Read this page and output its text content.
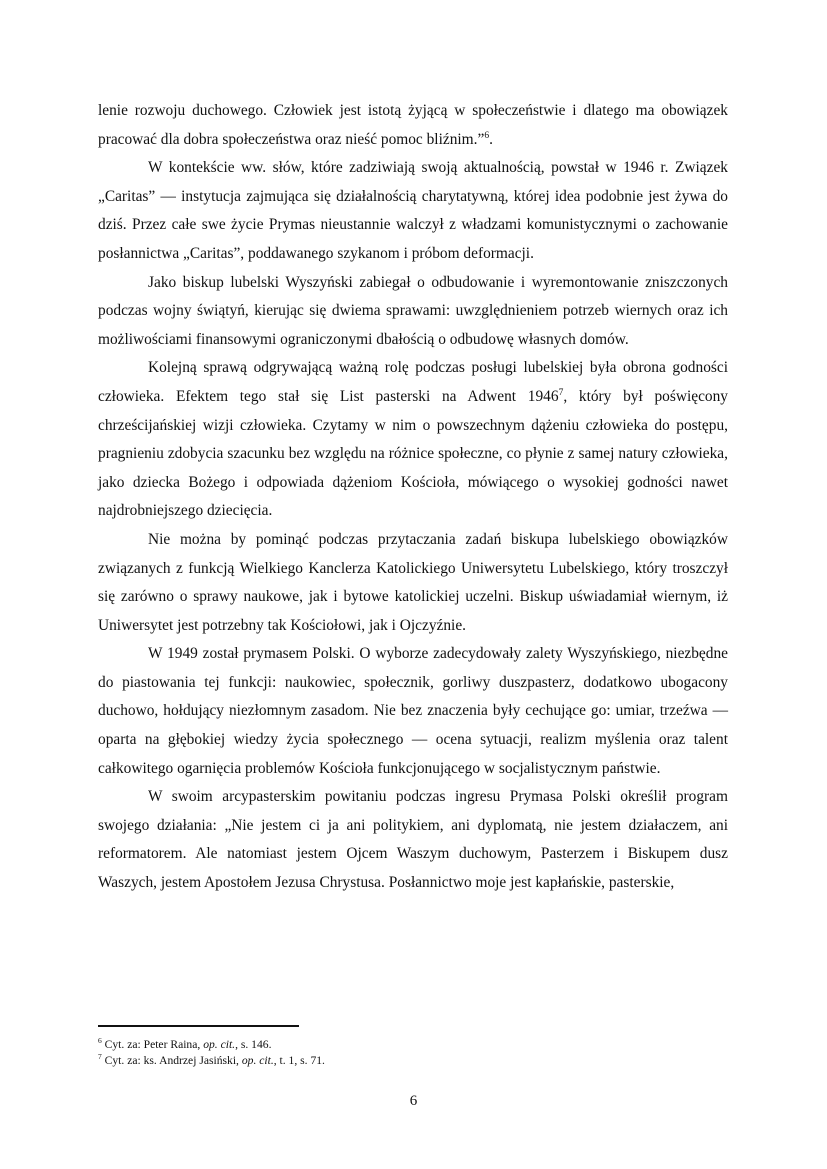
lenie rozwoju duchowego. Człowiek jest istotą żyjącą w społeczeństwie i dlatego ma obowiązek pracować dla dobra społeczeństwa oraz nieść pomoc bliźnim.”$^6$.

W kontekście ww. słów, które zadziwiają swoją aktualnością, powstał w 1946 r. Związek „Caritas” — instytucja zajmująca się działalnością charytatywną, której idea podobnie jest żywa do dziś. Przez całe swe życie Prymas nieustannie walczył z władzami komunistycznymi o zachowanie posłannictwa „Caritas”, poddawanego szykanom i próbom deformacji.

Jako biskup lubelski Wyszyński zabiegał o odbudowanie i wyremontowanie zniszczonych podczas wojny świątyń, kierując się dwiema sprawami: uwzględnieniem potrzeb wiernych oraz ich możliwościami finansowymi ograniczonymi dbałością o odbudowę własnych domów.

Kolejną sprawą odgrywającą ważną rolę podczas posługi lubelskiej była obrona godności człowieka. Efektem tego stał się List pasterski na Adwent 1946$^7$, który był poświęcony chrześcijańskiej wizji człowieka. Czytamy w nim o powszechnym dążeniu człowieka do postępu, pragnieniu zdobycia szacunku bez względu na różnice społeczne, co płynie z samej natury człowieka, jako dziecka Bożego i odpowiada dążeniom Kościoła, mówiącego o wysokiej godności nawet najdrobniejszego dziecięcia.

Nie można by pominąć podczas przytaczania zadań biskupa lubelskiego obowiązków związanych z funkcją Wielkiego Kanclerza Katolickiego Uniwersytetu Lubelskiego, który troszczył się zarówno o sprawy naukowe, jak i bytowe katolickiej uczelni. Biskup uświadamiał wiernym, iż Uniwersytet jest potrzebny tak Kościołowi, jak i Ojczyźnie.

W 1949 został prymasem Polski. O wyborze zadecydowały zalety Wyszyńskiego, niezbędne do piastowania tej funkcji: naukowiec, społecznik, gorliwy duszpasterz, dodatkowo ubogacony duchowo, hołdujący niezłomnym zasadom. Nie bez znaczenia były cechujące go: umiar, trzeźwa — oparta na głębokiej wiedzy życia społecznego — ocena sytuacji, realizm myślenia oraz talent całkowitego ogarnięcia problemów Kościoła funkcjonującego w socjalistycznym państwie.

W swoim arcypasterskim powitaniu podczas ingresu Prymasa Polski określił program swojego działania: „Nie jestem ci ja ani politykiem, ani dyplomatą, nie jestem działaczem, ani reformatorem. Ale natomiast jestem Ojcem Waszym duchowym, Pasterzem i Biskupem dusz Waszych, jestem Apostołem Jezusa Chrystusa. Posłannictwo moje jest kapłańskie, pasterskie,

$^6$ Cyt. za: Peter Raina, op. cit., s. 146.
$^7$ Cyt. za: ks. Andrzej Jasiński, op. cit., t. 1, s. 71.
6
